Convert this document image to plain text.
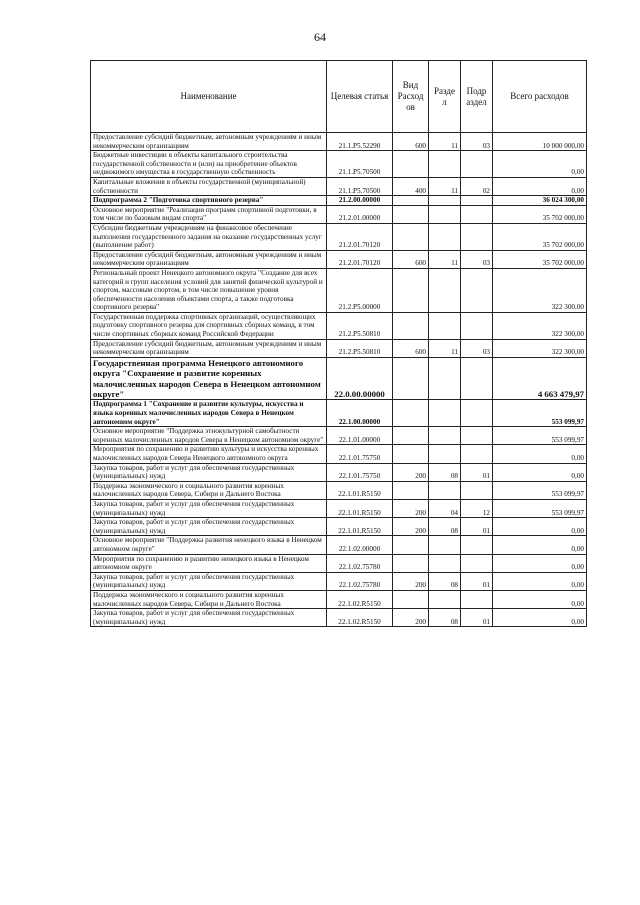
64
Наименование	Целевая статья	Вид Расход ов	Разде л	Подр аздел	Всего расходов
Предоставление субсидий бюджетным, автономным учреждениям и иным некоммерческим организациям	21.1.P5.52290	600	11	03	10 000 000,00
Бюджетные инвестиции в объекты капитального строительства государственной собственности и (или) на приобретение объектов недвижимого имущества в государственную собственность	21.1.P5.70500				0,00
Капитальные вложения в объекты государственной (муниципальной) собственности	21.1.P5.70500	400	11	02	0,00
Подпрограмма 2 "Подготовка спортивного резерва"	21.2.00.00000				36 024 300,00
Основное мероприятие "Реализация программ спортивной подготовки, в том числе по базовым видам спорта"	21.2.01.00000				35 702 000,00
Субсидии бюджетным учреждениям на финансовое обеспечение выполнения государственного задания на оказание государственных услуг (выполнение работ)	21.2.01.70120				35 702 000,00
Предоставление субсидий бюджетным, автономным учреждениям и иным некоммерческим организациям	21.2.01.70120	600	11	03	35 702 000,00
Региональный проект Ненецкого автономного округа "Создание для всех категорий и групп населения условий для занятий физической культурой и спортом, массовым спортом, в том числе повышение уровня обеспеченности населения объектами спорта, а также подготовка спортивного резерва"	21.2.P5.00000				322 300,00
Государственная поддержка спортивных организаций, осуществляющих подготовку спортивного резерва для спортивных сборных команд, в том числе спортивных сборных команд Российской Федерации	21.2.P5.50810				322 300,00
Предоставление субсидий бюджетным, автономным учреждениям и иным некоммерческим организациям	21.2.P5.50810	600	11	03	322 300,00
Государственная программа Ненецкого автономного округа "Сохранение и развитие коренных малочисленных народов Севера в Ненецком автономном округе"	22.0.00.00000				4 663 479,97
Подпрограмма 1 "Сохранение и развитие культуры, искусства и языка коренных малочисленных народов Севера в Ненецком автономном округе"	22.1.00.00000				553 099,97
Основное мероприятие "Поддержка этнокультурной самобытности коренных малочисленных народов Севера в Ненецком автономном округе"	22.1.01.00000				553 099,97
Мероприятия по сохранению и развитию культуры и искусства коренных малочисленных народов Севера Ненецкого автономного округа	22.1.01.75750				0,00
Закупка товаров, работ и услуг для обеспечения государственных (муниципальных) нужд	22.1.01.75750	200	08	01	0,00
Поддержка экономического и социального развития коренных малочисленных народов Севера, Сибири и Дальнего Востока	22.1.01.R5150				553 099,97
Закупка товаров, работ и услуг для обеспечения государственных (муниципальных) нужд	22.1.01.R5150	200	04	12	553 099,97
Закупка товаров, работ и услуг для обеспечения государственных (муниципальных) нужд	22.1.01.R5150	200	08	01	0,00
Основное мероприятие "Поддержка развития ненецкого языка в Ненецком автономном округе"	22.1.02.00000				0,00
Мероприятия по сохранению и развитию ненецкого языка в Ненецком автономном округе	22.1.02.75780				0,00
Закупка товаров, работ и услуг для обеспечения государственных (муниципальных) нужд	22.1.02.75780	200	08	01	0,00
Поддержка экономического и социального развития коренных малочисленных народов Севера, Сибири и Дальнего Востока	22.1.02.R5150				0,00
Закупка товаров, работ и услуг для обеспечения государственных (муниципальных) нужд	22.1.02.R5150	200	08	01	0,00
